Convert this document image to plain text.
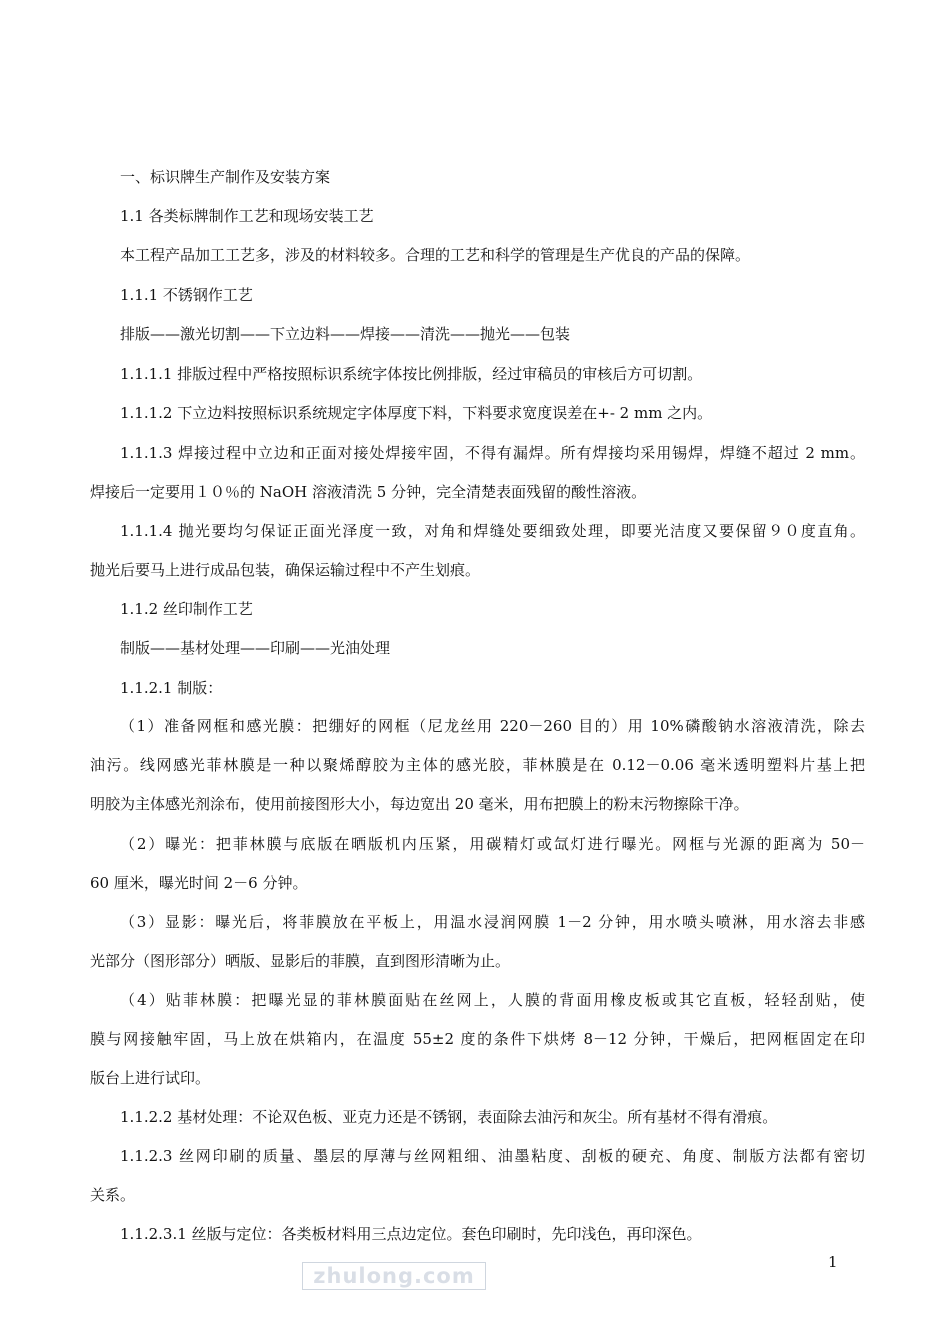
一、标识牌生产制作及安装方案
1.1 各类标牌制作工艺和现场安装工艺
本工程产品加工工艺多，涉及的材料较多。合理的工艺和科学的管理是生产优良的产品的保障。
1.1.1 不锈钢作工艺
排版——激光切割——下立边料——焊接——清洗——抛光——包装
1.1.1.1 排版过程中严格按照标识系统字体按比例排版，经过审稿员的审核后方可切割。
1.1.1.2 下立边料按照标识系统规定字体厚度下料，下料要求宽度误差在+- 2 mm 之内。
1.1.1.3 焊接过程中立边和正面对接处焊接牢固，不得有漏焊。所有焊接均采用锡焊，焊缝不超过 2 mm。
焊接后一定要用１０％的 NaOH 溶液清洗 5 分钟，完全清楚表面残留的酸性溶液。
1.1.1.4 抛光要均匀保证正面光泽度一致，对角和焊缝处要细致处理，即要光洁度又要保留９０度直角。
抛光后要马上进行成品包装，确保运输过程中不产生划痕。
1.1.2 丝印制作工艺
制版——基材处理——印刷——光油处理
1.1.2.1 制版：
（1）准备网框和感光膜：把绷好的网框（尼龙丝用 220－260 目的）用 10%磷酸钠水溶液清洗，除去
油污。线网感光菲林膜是一种以聚烯醇胶为主体的感光胶，菲林膜是在 0.12－0.06 毫米透明塑料片基上把
明胶为主体感光剂涂布，使用前接图形大小，每边宽出 20 毫米，用布把膜上的粉末污物擦除干净。
（2）曝光：把菲林膜与底版在晒版机内压紧，用碳精灯或氙灯进行曝光。网框与光源的距离为 50－
60 厘米，曝光时间 2－6 分钟。
（3）显影：曝光后，将菲膜放在平板上，用温水浸润网膜 1－2 分钟，用水喷头喷淋，用水溶去非感
光部分（图形部分）晒版、显影后的菲膜，直到图形清晰为止。
（4）贴菲林膜：把曝光显的菲林膜面贴在丝网上，人膜的背面用橡皮板或其它直板，轻轻刮贴，使
膜与网接触牢固，马上放在烘箱内，在温度 55±2 度的条件下烘烤 8－12 分钟，干燥后，把网框固定在印
版台上进行试印。
1.1.2.2 基材处理：不论双色板、亚克力还是不锈钢，表面除去油污和灰尘。所有基材不得有滑痕。
1.1.2.3 丝网印刷的质量、墨层的厚薄与丝网粗细、油墨粘度、刮板的硬充、角度、制版方法都有密切
关系。
1.1.2.3.1 丝版与定位：各类板材料用三点边定位。套色印刷时，先印浅色，再印深色。
1
zhulong.com
